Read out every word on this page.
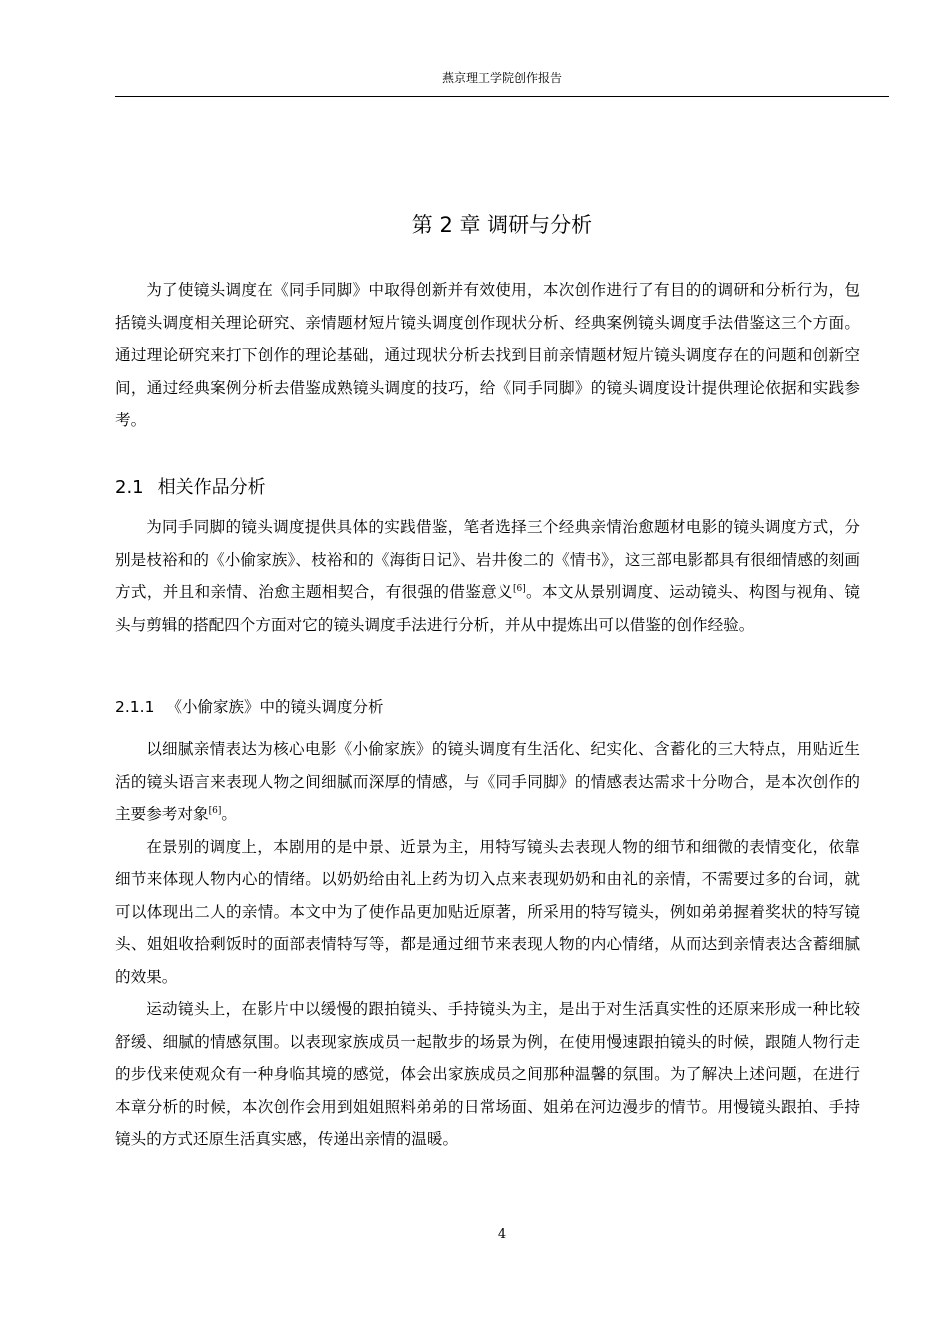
燕京理工学院创作报告
第 2 章 调研与分析

为了使镜头调度在《同手同脚》中取得创新并有效使用，本次创作进行了有目的的调研和分析行为，包括镜头调度相关理论研究、亲情题材短片镜头调度创作现状分析、经典案例镜头调度手法借鉴这三个方面。通过理论研究来打下创作的理论基础，通过现状分析去找到目前亲情题材短片镜头调度存在的问题和创新空间，通过经典案例分析去借鉴成熟镜头调度的技巧，给《同手同脚》的镜头调度设计提供理论依据和实践参考。

2.1 相关作品分析

为同手同脚的镜头调度提供具体的实践借鉴，笔者选择三个经典亲情治愈题材电影的镜头调度方式，分别是枝裕和的《小偷家族》、枝裕和的《海街日记》、岩井俊二的《情书》，这三部电影都具有很细情感的刻画方式，并且和亲情、治愈主题相契合，有很强的借鉴意义[6]。本文从景别调度、运动镜头、构图与视角、镜头与剪辑的搭配四个方面对它的镜头调度手法进行分析，并从中提炼出可以借鉴的创作经验。

2.1.1 《小偷家族》中的镜头调度分析

以细腻亲情表达为核心电影《小偷家族》的镜头调度有生活化、纪实化、含蓄化的三大特点，用贴近生活的镜头语言来表现人物之间细腻而深厚的情感，与《同手同脚》的情感表达需求十分吻合，是本次创作的主要参考对象[6]。

在景别的调度上，本剧用的是中景、近景为主，用特写镜头去表现人物的细节和细微的表情变化，依靠细节来体现人物内心的情绪。以奶奶给由礼上药为切入点来表现奶奶和由礼的亲情，不需要过多的台词，就可以体现出二人的亲情。本文中为了使作品更加贴近原著，所采用的特写镜头，例如弟弟握着奖状的特写镜头、姐姐收拾剩饭时的面部表情特写等，都是通过细节来表现人物的内心情绪，从而达到亲情表达含蓄细腻的效果。

运动镜头上，在影片中以缓慢的跟拍镜头、手持镜头为主，是出于对生活真实性的还原来形成一种比较舒缓、细腻的情感氛围。以表现家族成员一起散步的场景为例，在使用慢速跟拍镜头的时候，跟随人物行走的步伐来使观众有一种身临其境的感觉，体会出家族成员之间那种温馨的氛围。为了解决上述问题，在进行本章分析的时候，本次创作会用到姐姐照料弟弟的日常场面、姐弟在河边漫步的情节。用慢镜头跟拍、手持镜头的方式还原生活真实感，传递出亲情的温暖。

4
